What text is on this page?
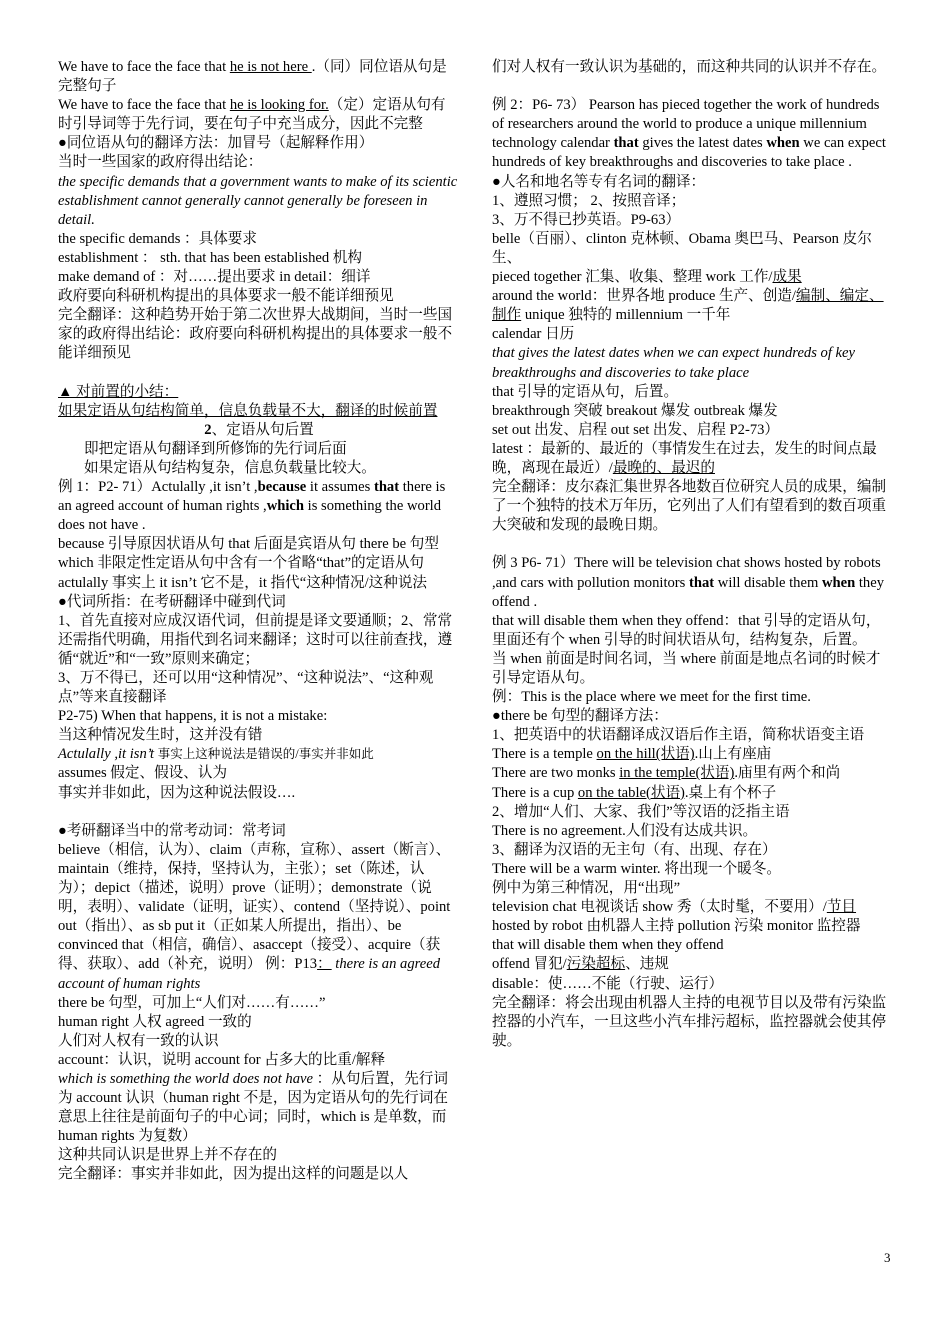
We have to face the face that he is not here .（同）同位语从句是完整句子
We have to face the face that he is looking for.（定）定语从句有时引导词等于先行词，要在句子中充当成分，因此不完整
●同位语从句的翻译方法：加冒号（起解释作用）
当时一些国家的政府得出结论：
the specific demands that a government wants to make of its scientic establishment cannot generally cannot generally be foreseen in detail.
the specific demands ：具体要求
establishment ： sth. that has been established 机构
make demand of ：对……提出要求 in detail：细详
政府要向科研机构提出的具体要求一般不能详细预见
完全翻译：这种趋势开始于第二次世界大战期间，当时一些国家的政府得出结论：政府要向科研机构提出的具体要求一般不能详细预见
▲ 对前置的小结：
如果定语从句结构简单，信息负载量不大，翻译的时候前置
2、定语从句后置
即把定语从句翻译到所修饰的先行词后面
如果定语从句结构复杂，信息负载量比较大。
例 1：P2- 71）Actulally ,it isn’t ,because it assumes that there is an agreed account of human rights ,which is something the world does not have .
because 引导原因状语从句 that 后面是宾语从句 there be 句型 which 非限定性定语从句中含有一个省略“that”的定语从句
actulally 事实上 it isn’t 它不是，it 指代“这种情况/这种说法
●代词所指：在考研翻译中碰到代词
1、首先直接对应成汉语代词，但前提是译文要通顺；2、常常还需指代明确，用指代到名词来翻译；这时可以往前查找，遵循“就近”和“一致”原则来确定；
3、万不得已，还可以用“这种情况”、“这种说法”、“这种观点”等来直接翻译
P2-75) When that happens, it is not a mistake:
当这种情况发生时，这并没有错
Actulally ,it isn’t 事实上这种说法是错误的/事实并非如此
assumes 假定、假设、认为
事实并非如此，因为这种说法假设….
●考研翻译当中的常考动词：常考词
believe（相信，认为）、claim（声称，宣称）、assert（断言）、maintain（维持，保持，坚持认为，主张）；set（陈述，认为）；depict（描述，说明）prove（证明）；demonstrate（说明，表明）、validate（证明，证实）、contend（坚持说）、point out（指出）、as sb put it（正如某人所提出，指出）、be convinced that（相信，确信）、asaccept（接受）、acquire（获得、获取）、add（补充，说明） 例：P13： there is an agreed account of human rights
there be 句型，可加上“人们对……有……”
human right 人权 agreed 一致的
人们对人权有一致的认识
account：认识，说明 account for 占多大的比重/解释
which is something the world does not have ：从句后置，先行词为 account 认识（human right 不是，因为定语从句的先行词在意思上往往是前面句子的中心词；同时，which is 是单数，而 human rights 为复数）
这种共同认识是世界上并不存在的
完全翻译：事实并非如此，因为提出这样的问题是以人
们对人权有一致认识为基础的，而这种共同的认识并不存在。
例 2：P6- 73） Pearson has pieced together the work of hundreds of researchers around the world to produce a unique millennium technology calendar that gives the latest dates when we can expect hundreds of key breakthroughs and discoveries to take place .
●人名和地名等专有名词的翻译：
1、遵照习惯； 2、按照音译；
3、万不得已抄英语。P9-63）
belle（百丽）、clinton 克林顿、Obama 奥巴马、Pearson 皮尔生、
pieced together 汇集、收集、整理 work 工作/成果
around the world：世界各地 produce 生产、创造/编制、编定、制作 unique 独特的 millennium 一千年
calendar 日历
that gives the latest dates when we can expect hundreds of key breakthroughs and discoveries to take place
that 引导的定语从句，后置。
breakthrough 突破 breakout 爆发 outbreak 爆发
set out 出发、启程 out set 出发、启程 P2-73）
latest ：最新的、最近的（事情发生在过去，发生的时间点最晚，离现在最近）/最晚的、最迟的
完全翻译：皮尔森汇集世界各地数百位研究人员的成果，编制了一个独特的技术万年历，它列出了人们有望看到的数百项重大突破和发现的最晚日期。
例 3 P6- 71）There will be television chat shows hosted by robots ,and cars with pollution monitors that will disable them when they offend .
that will disable them when they offend：that 引导的定语从句，里面还有个 when 引导的时间状语从句，结构复杂，后置。
当 when 前面是时间名词，当 where 前面是地点名词的时候才引导定语从句。
例：This is the place where we meet for the first time.
●there be 句型的翻译方法：
1、把英语中的状语翻译成汉语后作主语，简称状语变主语
There is a temple on the hill(状语).山上有座庙
There are two monks in the temple(状语).庙里有两个和尚
There is a cup on the table(状语).桌上有个杯子
2、增加“人们、大家、我们”等汉语的泛指主语
There is no agreement.人们没有达成共识。
3、翻译为汉语的无主句（有、出现、存在）
There will be a warm winter. 将出现一个暖冬。
例中为第三种情况，用“出现”
television chat 电视谈话 show 秀（太时髦，不要用）/节目 hosted by robot 由机器人主持 pollution 污染 monitor 监控器
that will disable them when they offend
offend 冒犯/污染超标、违规
disable：使……不能（行驶、运行）
完全翻译：将会出现由机器人主持的电视节目以及带有污染监控器的小汽车，一旦这些小汽车排污超标，监控器就会使其停驶。
3
